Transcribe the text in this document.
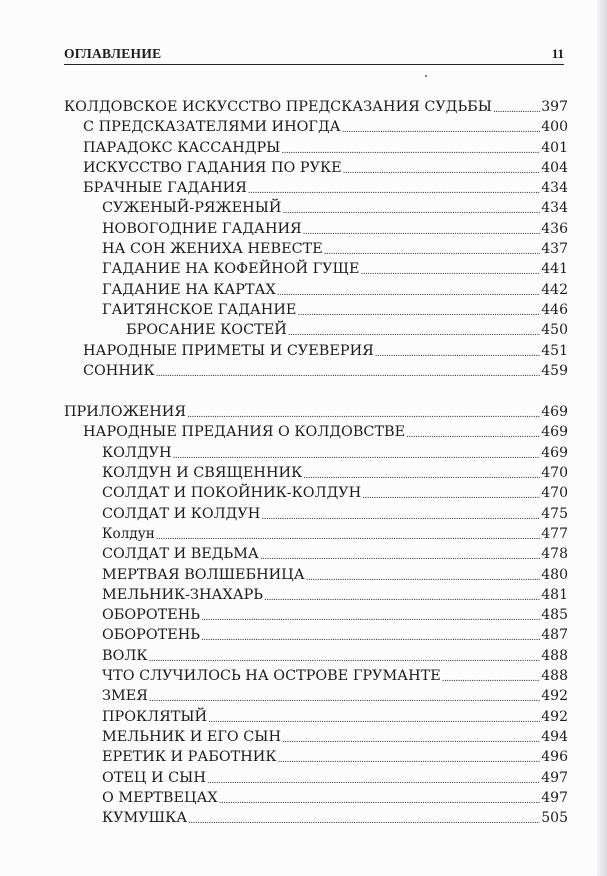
ОГЛАВЛЕНИЕ	11
КОЛДОВСКОЕ ИСКУССТВО ПРЕДСКАЗАНИЯ СУДЬБЫ .....	397
С ПРЕДСКАЗАТЕЛЯМИ ИНОГДА .....	400
ПАРАДОКС КАССАНДРЫ .....	401
ИСКУССТВО ГАДАНИЯ ПО РУКЕ .....	404
БРАЧНЫЕ ГАДАНИЯ .....	434
СУЖЕНЫЙ-РЯЖЕНЫЙ .....	434
НОВОГОДНИЕ ГАДАНИЯ .....	436
НА СОН ЖЕНИХА НЕВЕСТЕ .....	437
ГАДАНИЕ НА КОФЕЙНОЙ ГУЩЕ .....	441
ГАДАНИЕ НА КАРТАХ .....	442
ГАИТЯНСКОЕ ГАДАНИЕ .....	446
БРОСАНИЕ КОСТЕЙ .....	450
НАРОДНЫЕ ПРИМЕТЫ И СУЕВЕРИЯ .....	451
СОННИК .....	459
ПРИЛОЖЕНИЯ .....	469
НАРОДНЫЕ ПРЕДАНИЯ О КОЛДОВСТВЕ .....	469
КОЛДУН .....	469
КОЛДУН И СВЯЩЕННИК .....	470
СОЛДАТ И ПОКОЙНИК-КОЛДУН .....	470
СОЛДАТ И КОЛДУН .....	475
Колдун .....	477
СОЛДАТ И ВЕДЬМА .....	478
МЕРТВАЯ ВОЛШЕБНИЦА .....	480
МЕЛЬНИК-ЗНАХАРЬ .....	481
ОБОРОТЕНЬ .....	485
ОБОРОТЕНЬ .....	487
ВОЛК .....	488
ЧТО СЛУЧИЛОСЬ НА ОСТРОВЕ ГРУМАНТЕ .....	488
ЗМЕЯ .....	492
ПРОКЛЯТЫЙ .....	492
МЕЛЬНИК И ЕГО СЫН .....	494
ЕРЕТИК И РАБОТНИК .....	496
ОТЕЦ И СЫН .....	497
О МЕРТВЕЦАХ .....	497
КУМУШКА .....	505
